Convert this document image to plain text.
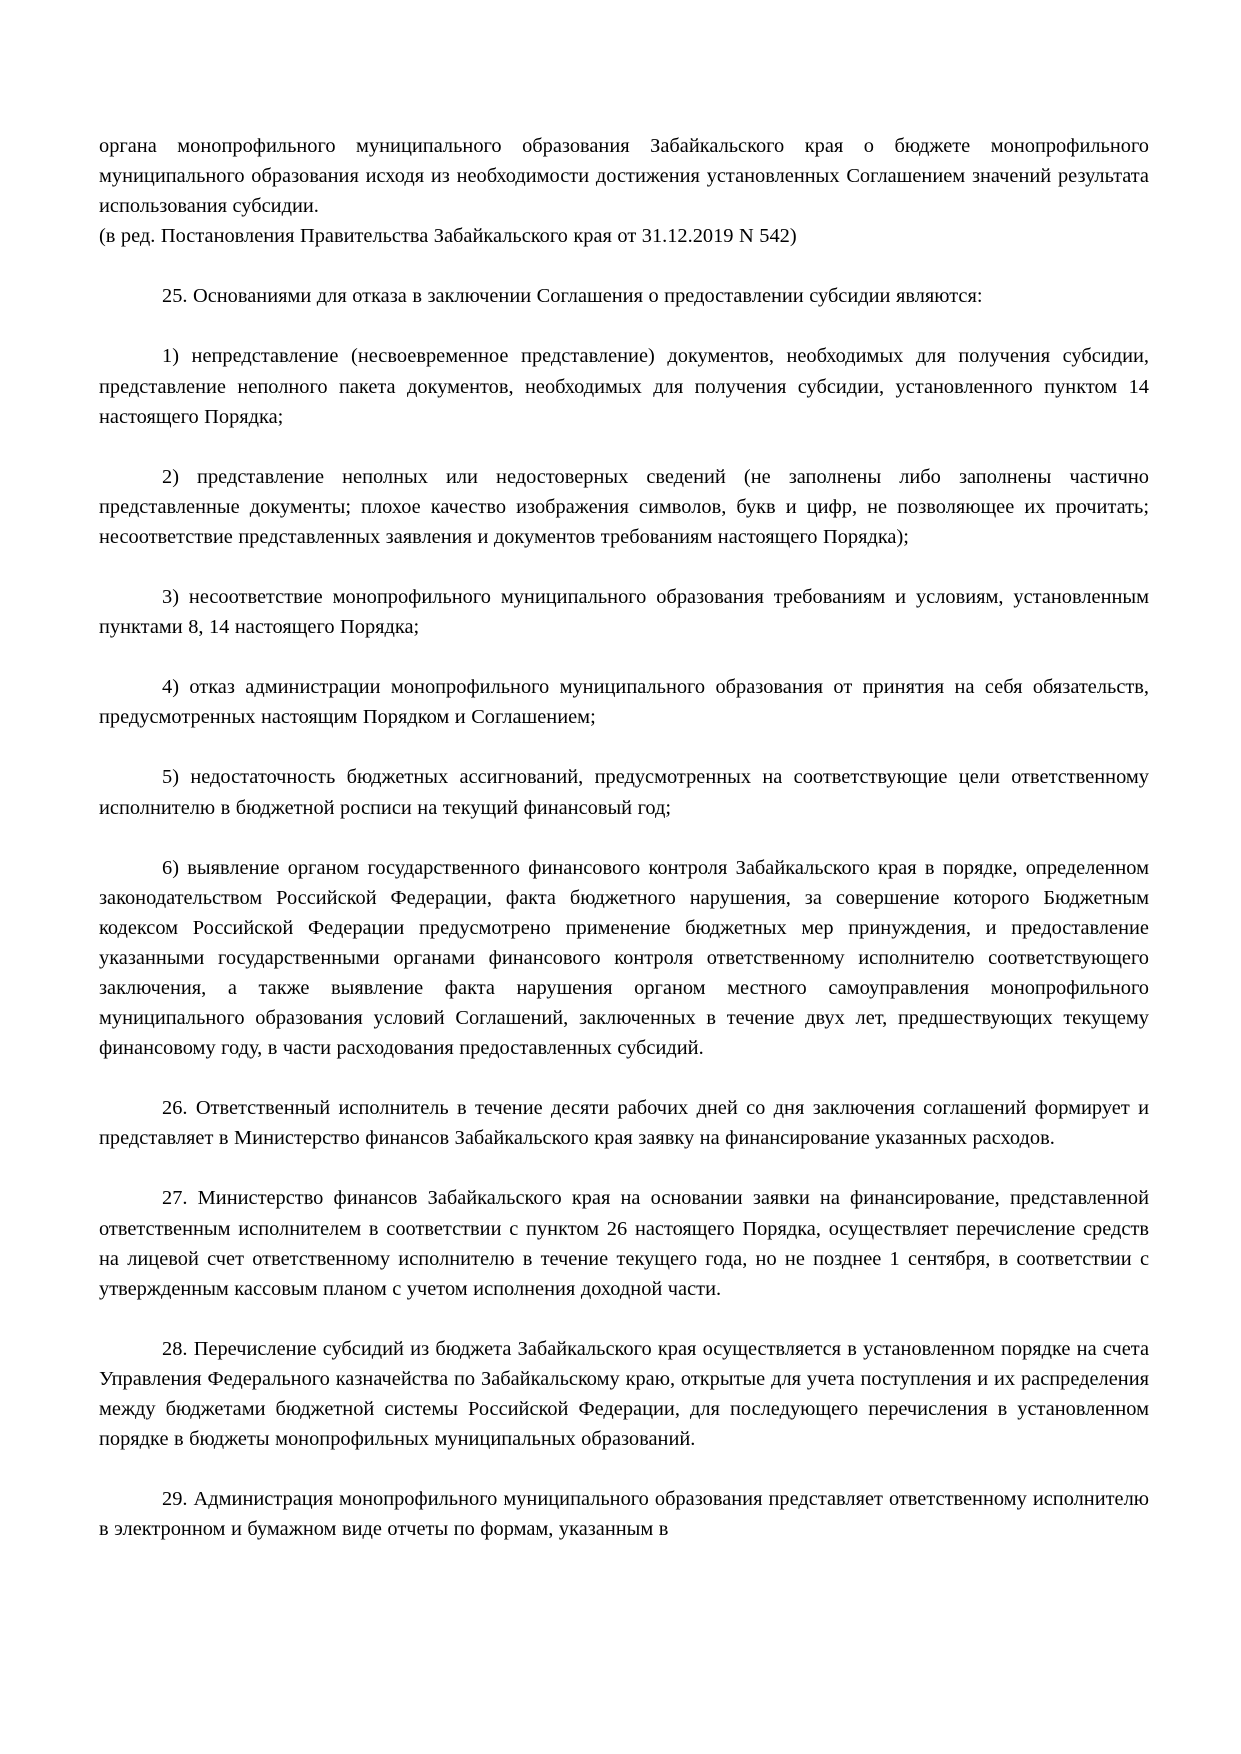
органа монопрофильного муниципального образования Забайкальского края о бюджете монопрофильного муниципального образования исходя из необходимости достижения установленных Соглашением значений результата использования субсидии.

(в ред. Постановления Правительства Забайкальского края от 31.12.2019 N 542)

25. Основаниями для отказа в заключении Соглашения о предоставлении субсидии являются:

1) непредставление (несвоевременное представление) документов, необходимых для получения субсидии, представление неполного пакета документов, необходимых для получения субсидии, установленного пунктом 14 настоящего Порядка;

2) представление неполных или недостоверных сведений (не заполнены либо заполнены частично представленные документы; плохое качество изображения символов, букв и цифр, не позволяющее их прочитать; несоответствие представленных заявления и документов требованиям настоящего Порядка);

3) несоответствие монопрофильного муниципального образования требованиям и условиям, установленным пунктами 8, 14 настоящего Порядка;

4) отказ администрации монопрофильного муниципального образования от принятия на себя обязательств, предусмотренных настоящим Порядком и Соглашением;

5) недостаточность бюджетных ассигнований, предусмотренных на соответствующие цели ответственному исполнителю в бюджетной росписи на текущий финансовый год;

6) выявление органом государственного финансового контроля Забайкальского края в порядке, определенном законодательством Российской Федерации, факта бюджетного нарушения, за совершение которого Бюджетным кодексом Российской Федерации предусмотрено применение бюджетных мер принуждения, и предоставление указанными государственными органами финансового контроля ответственному исполнителю соответствующего заключения, а также выявление факта нарушения органом местного самоуправления монопрофильного муниципального образования условий Соглашений, заключенных в течение двух лет, предшествующих текущему финансовому году, в части расходования предоставленных субсидий.

26. Ответственный исполнитель в течение десяти рабочих дней со дня заключения соглашений формирует и представляет в Министерство финансов Забайкальского края заявку на финансирование указанных расходов.

27. Министерство финансов Забайкальского края на основании заявки на финансирование, представленной ответственным исполнителем в соответствии с пунктом 26 настоящего Порядка, осуществляет перечисление средств на лицевой счет ответственному исполнителю в течение текущего года, но не позднее 1 сентября, в соответствии с утвержденным кассовым планом с учетом исполнения доходной части.

28. Перечисление субсидий из бюджета Забайкальского края осуществляется в установленном порядке на счета Управления Федерального казначейства по Забайкальскому краю, открытые для учета поступления и их распределения между бюджетами бюджетной системы Российской Федерации, для последующего перечисления в установленном порядке в бюджеты монопрофильных муниципальных образований.

29. Администрация монопрофильного муниципального образования представляет ответственному исполнителю в электронном и бумажном виде отчеты по формам, указанным в
